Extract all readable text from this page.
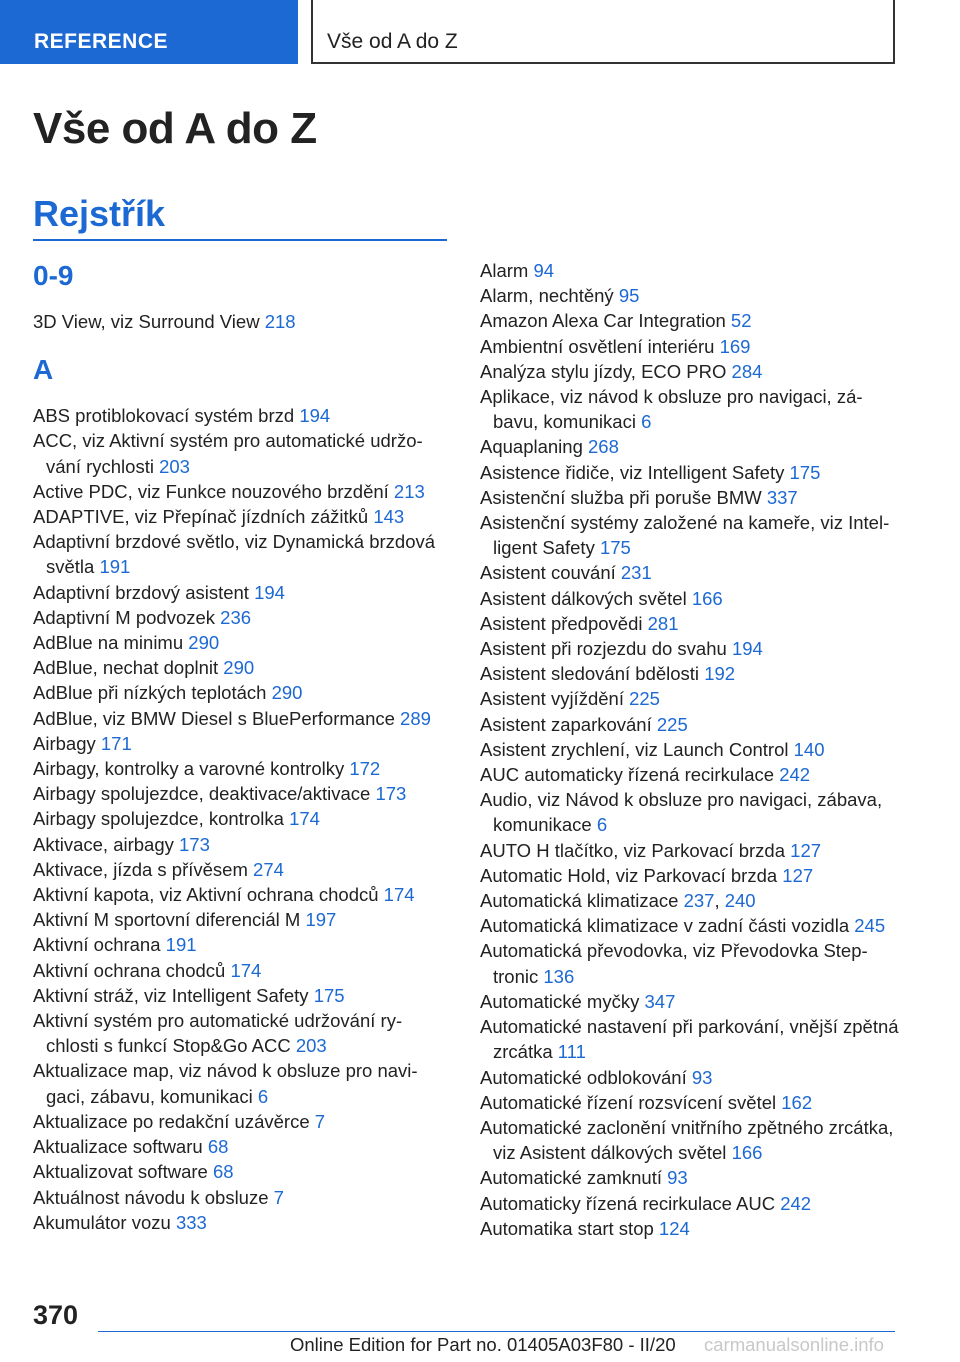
REFERENCE	Vše od A do Z
Vše od A do Z
Rejstřík
0-9
3D View, viz Surround View 218
A
ABS protiblokovací systém brzd 194
ACC, viz Aktivní systém pro automatické udržování rychlosti 203
Active PDC, viz Funkce nouzového brzdění 213
ADAPTIVE, viz Přepínač jízdních zážitků 143
Adaptivní brzdové světlo, viz Dynamická brzdová světla 191
Adaptivní brzdový asistent 194
Adaptivní M podvozek 236
AdBlue na minimu 290
AdBlue, nechat doplnit 290
AdBlue při nízkých teplotách 290
AdBlue, viz BMW Diesel s BluePerformance 289
Airbagy 171
Airbagy, kontrolky a varovné kontrolky 172
Airbagy spolujezdce, deaktivace/aktivace 173
Airbagy spolujezdce, kontrolka 174
Aktivace, airbagy 173
Aktivace, jízda s přívěsem 274
Aktivní kapota, viz Aktivní ochrana chodců 174
Aktivní M sportovní diferenciál M 197
Aktivní ochrana 191
Aktivní ochrana chodců 174
Aktivní stráž, viz Intelligent Safety 175
Aktivní systém pro automatické udržování rychlosti s funkcí Stop&Go ACC 203
Aktualizace map, viz návod k obsluze pro navigaci, zábavu, komunikaci 6
Aktualizace po redakční uzávěrce 7
Aktualizace softwaru 68
Aktualizovat software 68
Aktuálnost návodu k obsluze 7
Akumulátor vozu 333
Alarm 94
Alarm, nechtěný 95
Amazon Alexa Car Integration 52
Ambientní osvětlení interiéru 169
Analýza stylu jízdy, ECO PRO 284
Aplikace, viz návod k obsluze pro navigaci, zábavu, komunikaci 6
Aquaplaning 268
Asistence řidiče, viz Intelligent Safety 175
Asistenční služba při poruše BMW 337
Asistenční systémy založené na kameře, viz Intelligent Safety 175
Asistent couvání 231
Asistent dálkových světel 166
Asistent předpovědi 281
Asistent při rozjezdu do svahu 194
Asistent sledování bdělosti 192
Asistent vyjíždění 225
Asistent zaparkování 225
Asistent zrychlení, viz Launch Control 140
AUC automaticky řízená recirkulace 242
Audio, viz Návod k obsluze pro navigaci, zábava, komunikace 6
AUTO H tlačítko, viz Parkovací brzda 127
Automatic Hold, viz Parkovací brzda 127
Automatická klimatizace 237, 240
Automatická klimatizace v zadní části vozidla 245
Automatická převodovka, viz Převodovka Steptronic 136
Automatické myčky 347
Automatické nastavení při parkování, vnější zpětná zrcátka 111
Automatické odblokování 93
Automatické řízení rozsvícení světel 162
Automatické zaclonění vnitřního zpětného zrcátka, viz Asistent dálkových světel 166
Automatické zamknutí 93
Automaticky řízená recirkulace AUC 242
Automatika start stop 124
370
Online Edition for Part no. 01405A03F80 - II/20 carmanualsonline.info
